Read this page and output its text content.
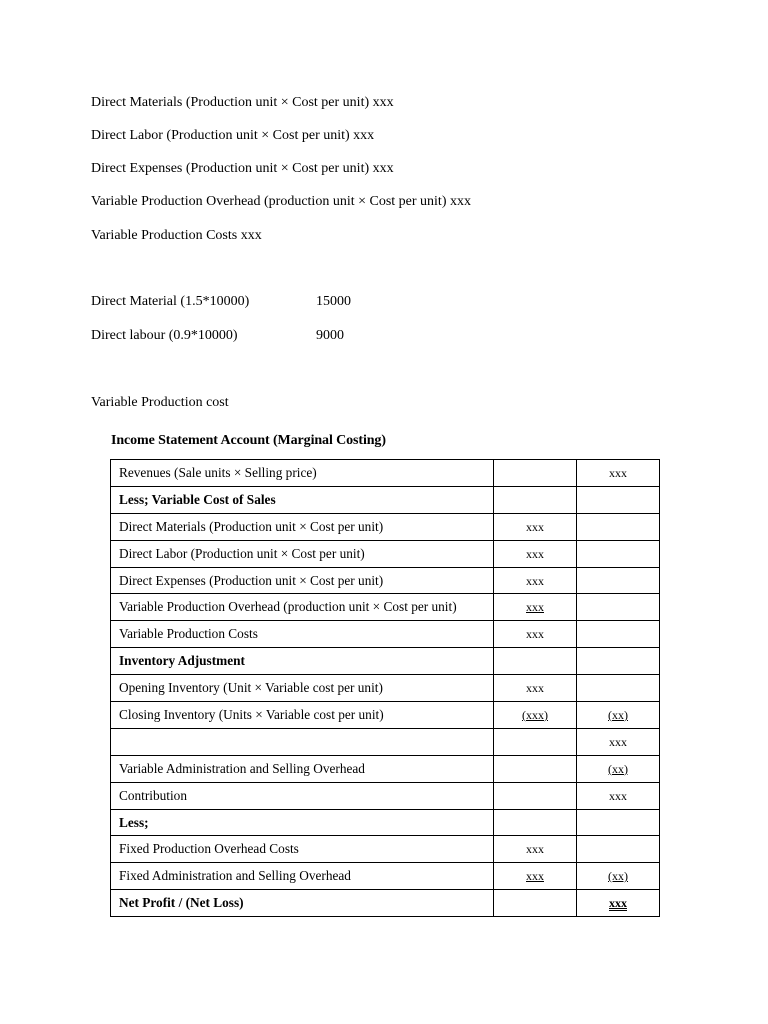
Direct Materials (Production unit × Cost per unit) xxx
Direct Labor (Production unit × Cost per unit) xxx
Direct Expenses (Production unit × Cost per unit) xxx
Variable Production Overhead (production unit × Cost per unit) xxx
Variable Production Costs xxx
Direct Material (1.5*10000)	15000
Direct labour (0.9*10000)	9000
Variable Production cost
Income Statement Account (Marginal Costing)
Revenues (Sale units × Selling price)		xxx
Less; Variable Cost of Sales		
Direct Materials (Production unit × Cost per unit)	xxx	
Direct Labor (Production unit × Cost per unit)	xxx	
Direct Expenses (Production unit × Cost per unit)	xxx	
Variable Production Overhead (production unit × Cost per unit)	xxx	
Variable Production Costs	xxx	
Inventory Adjustment		
Opening Inventory (Unit × Variable cost per unit)	xxx	
Closing Inventory (Units × Variable cost per unit)	(xxx)	(xx)
		xxx
Variable Administration and Selling Overhead		(xx)
Contribution		xxx
Less;		
Fixed Production Overhead Costs	xxx	
Fixed Administration and Selling Overhead	xxx	(xx)
Net Profit / (Net Loss)		xxx
